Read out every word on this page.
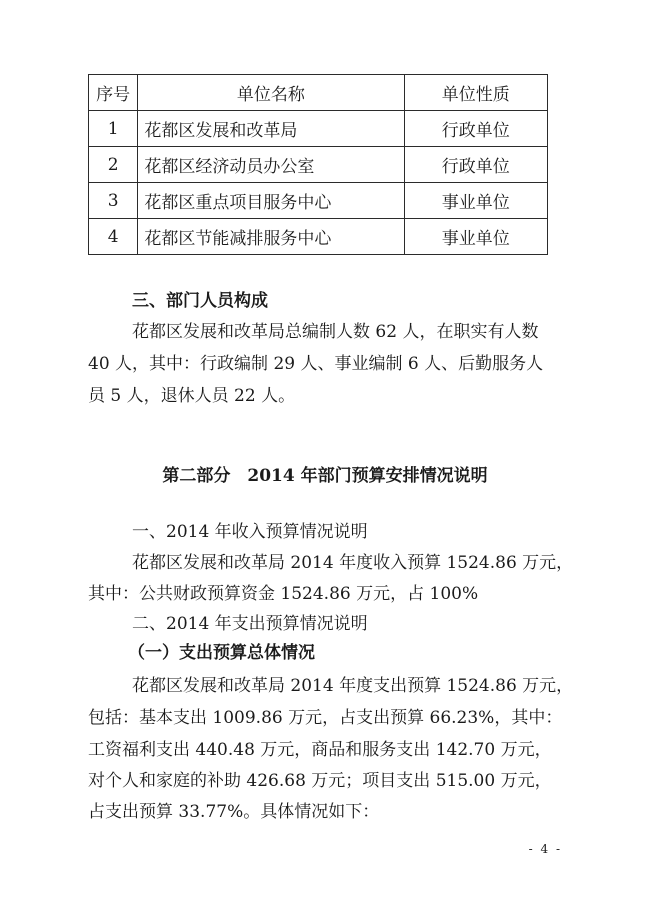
序号	单位名称	单位性质
1	花都区发展和改革局	行政单位
2	花都区经济动员办公室	行政单位
3	花都区重点项目服务中心	事业单位
4	花都区节能减排服务中心	事业单位
三、部门人员构成
花都区发展和改革局总编制人数 62 人，在职实有人数
40 人，其中：行政编制 29 人、事业编制 6 人、后勤服务人
员 5 人，退休人员 22 人。
第二部分　2014 年部门预算安排情况说明
一、2014 年收入预算情况说明
花都区发展和改革局 2014 年度收入预算 1524.86 万元，
其中：公共财政预算资金 1524.86 万元，占 100%
二、2014 年支出预算情况说明
（一）支出预算总体情况
花都区发展和改革局 2014 年度支出预算 1524.86 万元，
包括：基本支出 1009.86 万元，占支出预算 66.23%，其中：
工资福利支出 440.48 万元，商品和服务支出 142.70 万元，
对个人和家庭的补助 426.68 万元；项目支出 515.00 万元，
占支出预算 33.77%。具体情况如下：
- 4 -
